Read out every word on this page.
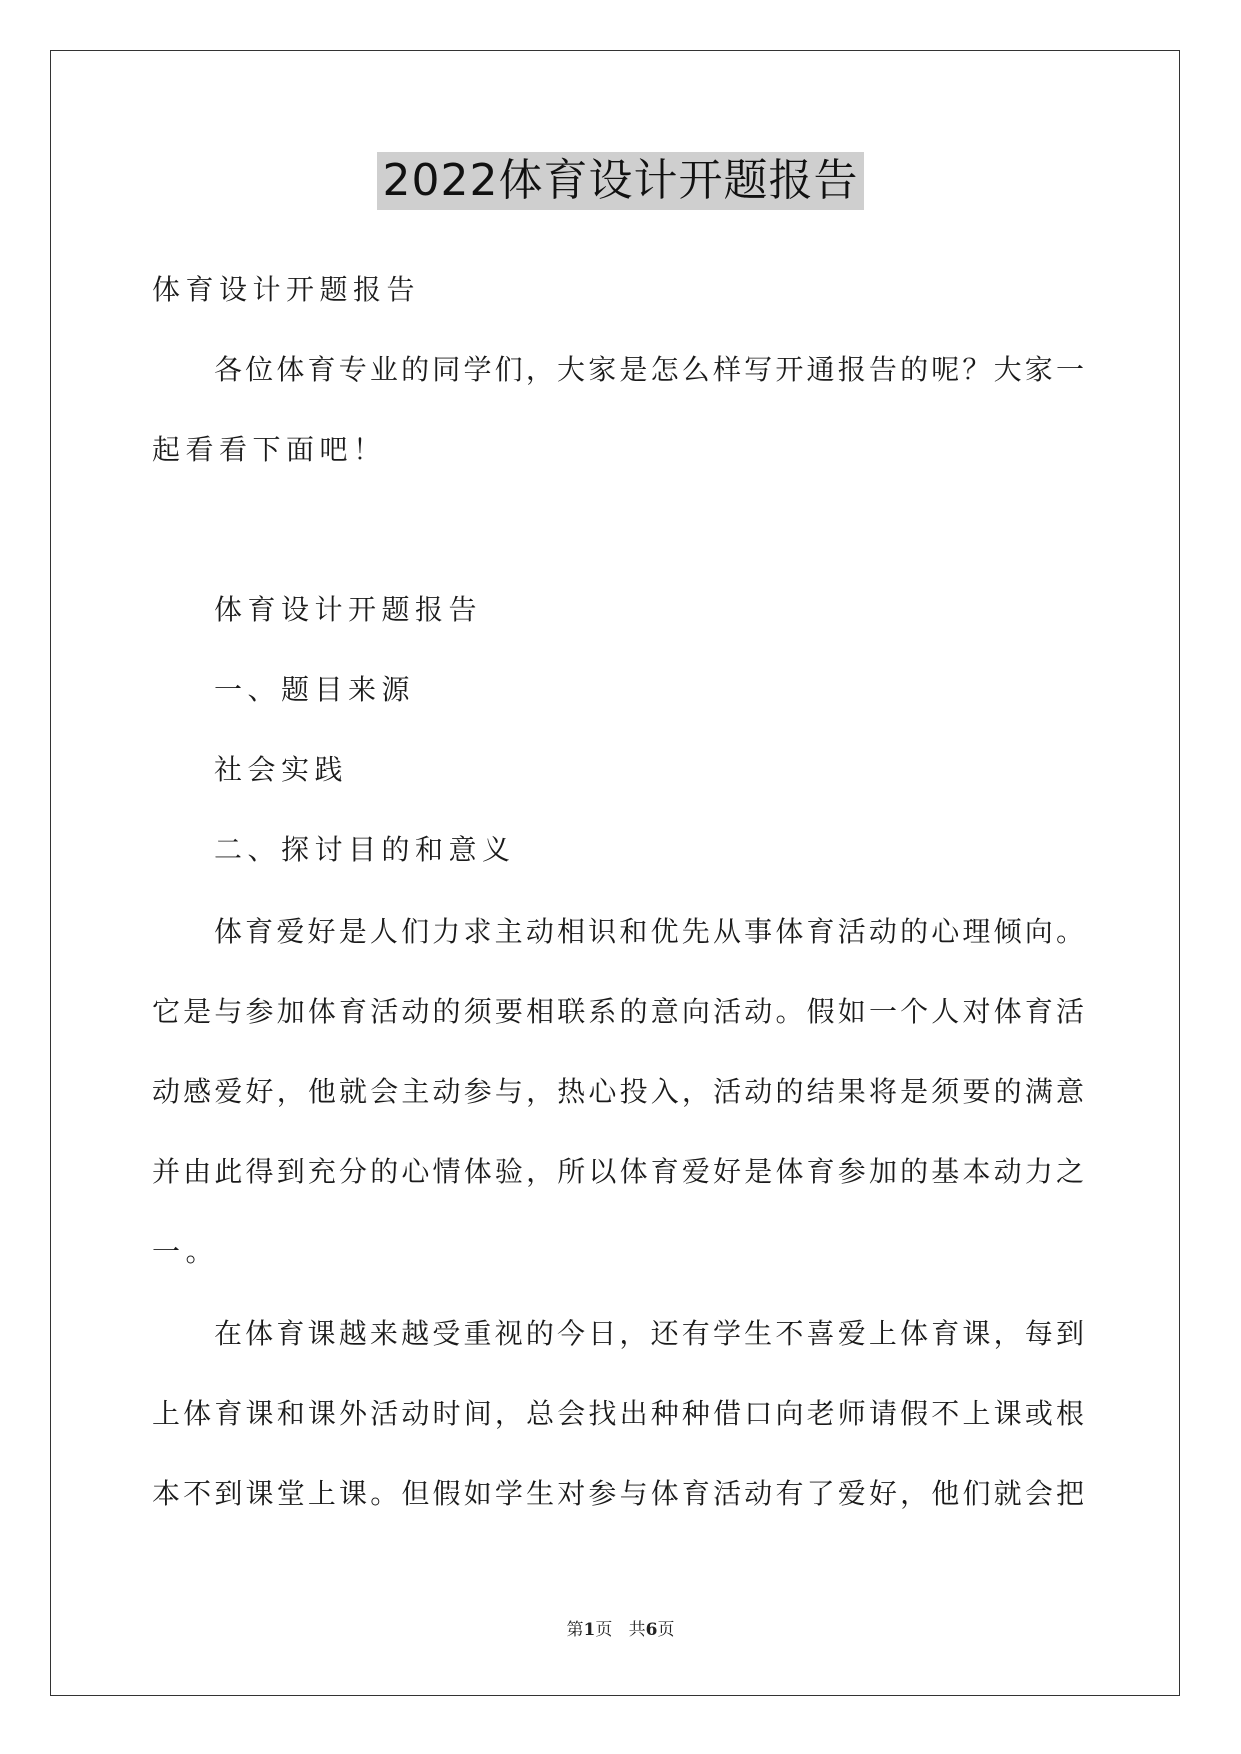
2022体育设计开题报告
体育设计开题报告
各位体育专业的同学们，大家是怎么样写开通报告的呢？大家一
起看看下面吧！
体育设计开题报告
一、题目来源
社会实践
二、探讨目的和意义
体育爱好是人们力求主动相识和优先从事体育活动的心理倾向。
它是与参加体育活动的须要相联系的意向活动。假如一个人对体育活
动感爱好，他就会主动参与，热心投入，活动的结果将是须要的满意
并由此得到充分的心情体验，所以体育爱好是体育参加的基本动力之
一。
在体育课越来越受重视的今日，还有学生不喜爱上体育课，每到
上体育课和课外活动时间，总会找出种种借口向老师请假不上课或根
本不到课堂上课。但假如学生对参与体育活动有了爱好，他们就会把
第1页 共6页
